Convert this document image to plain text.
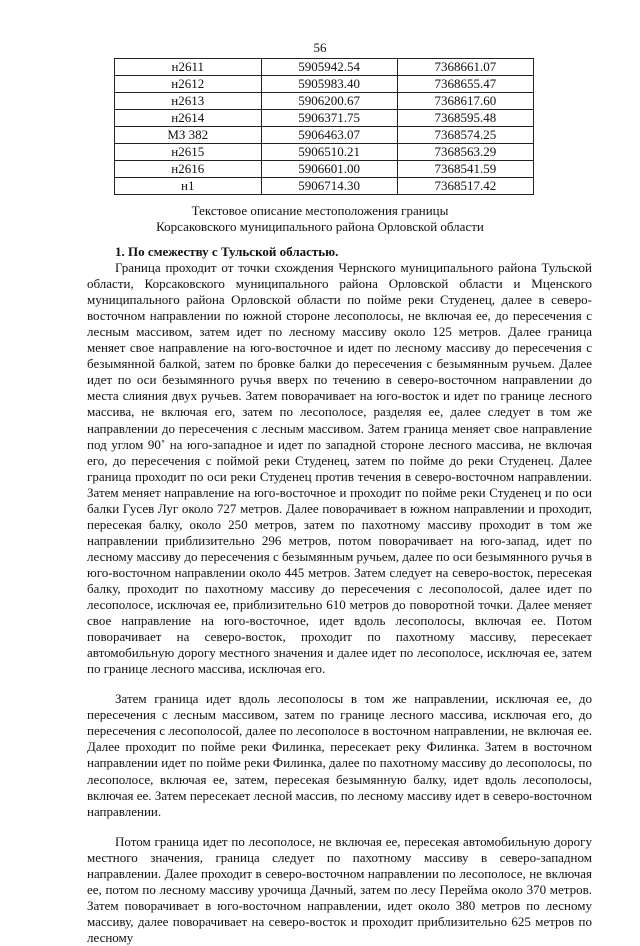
56
н2611	5905942.54	7368661.07
н2612	5905983.40	7368655.47
н2613	5906200.67	7368617.60
н2614	5906371.75	7368595.48
МЗ 382	5906463.07	7368574.25
н2615	5906510.21	7368563.29
н2616	5906601.00	7368541.59
н1	5906714.30	7368517.42
Текстовое описание местоположения границы
Корсаковского муниципального района Орловской области

1. По смежеству с Тульской областью.

Граница проходит от точки схождения Чернского муниципального района Тульской области, Корсаковского муниципального района Орловской области и Мценского муниципального района Орловской области по пойме реки Студенец, далее в северо-восточном направлении по южной стороне лесополосы, не включая ее, до пересечения с лесным массивом, затем идет по лесному массиву около 125 метров. Далее граница меняет свое направление на юго-восточное и идет по лесному массиву до пересечения с безымянной балкой, затем по бровке балки до пересечения с безымянным ручьем. Далее идет по оси безымянного ручья вверх по течению в северо-восточном направлении до места слияния двух ручьев. Затем поворачивает на юго-восток и идет по границе лесного массива, не включая его, затем по лесополосе, разделяя ее, далее следует в том же направлении до пересечения с лесным массивом. Затем граница меняет свое направление под углом 90˚ на юго-западное и идет по западной стороне лесного массива, не включая его, до пересечения с поймой реки Студенец, затем по пойме до реки Студенец. Далее граница проходит по оси реки Студенец против течения в северо-восточном направлении. Затем меняет направление на юго-восточное и проходит по пойме реки Студенец и по оси балки Гусев Луг около 727 метров. Далее поворачивает в южном направлении и проходит, пересекая балку, около 250 метров, затем по пахотному массиву проходит в том же направлении приблизительно 296 метров, потом поворачивает на юго-запад, идет по лесному массиву до пересечения с безымянным ручьем, далее по оси безымянного ручья в юго-восточном направлении около 445 метров. Затем следует на северо-восток, пересекая балку, проходит по пахотному массиву до пересечения с лесополосой, далее идет по лесополосе, исключая ее, приблизительно 610 метров до поворотной точки. Далее меняет свое направление на юго-восточное, идет вдоль лесополосы, включая ее. Потом поворачивает на северо-восток, проходит по пахотному массиву, пересекает автомобильную дорогу местного значения и далее идет по лесополосе, исключая ее, затем по границе лесного массива, исключая его.

Затем граница идет вдоль лесополосы в том же направлении, исключая ее, до пересечения с лесным массивом, затем по границе лесного массива, исключая его, до пересечения с лесополосой, далее по лесополосе в восточном направлении, не включая ее. Далее проходит по пойме реки Филинка, пересекает реку Филинка. Затем в восточном направлении идет по пойме реки Филинка, далее по пахотному массиву до лесополосы, по лесополосе, включая ее, затем, пересекая безымянную балку, идет вдоль лесополосы, включая ее. Затем пересекает лесной массив, по лесному массиву идет в северо-восточном направлении.

Потом граница идет по лесополосе, не включая ее, пересекая автомобильную дорогу местного значения, граница следует по пахотному массиву в северо-западном направлении. Далее проходит в северо-восточном направлении по лесополосе, не включая ее, потом по лесному массиву урочища Дачный, затем по лесу Перейма около 370 метров. Затем поворачивает в юго-восточном направлении, идет около 380 метров по лесному массиву, далее поворачивает на северо-восток и проходит приблизительно 625 метров по лесному
